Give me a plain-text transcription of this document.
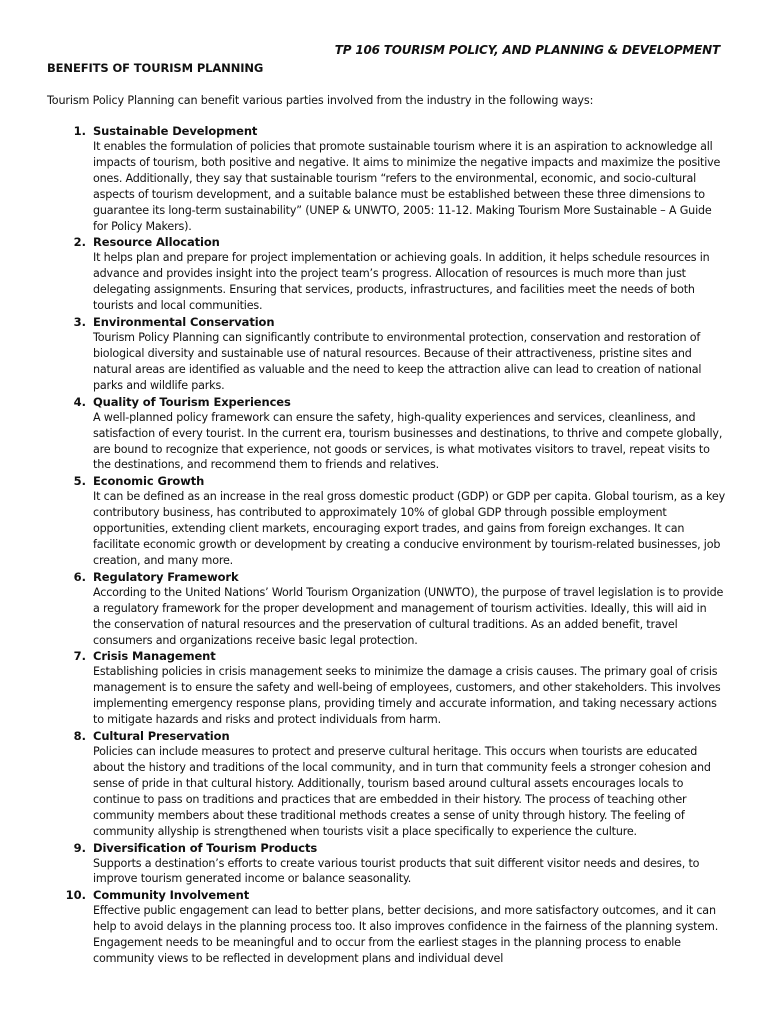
TP 106 TOURISM POLICY, AND PLANNING & DEVELOPMENT
BENEFITS OF TOURISM PLANNING
Tourism Policy Planning can benefit various parties involved from the industry in the following ways:
1. Sustainable Development
It enables the formulation of policies that promote sustainable tourism where it is an aspiration to acknowledge all impacts of tourism, both positive and negative. It aims to minimize the negative impacts and maximize the positive ones. Additionally, they say that sustainable tourism “refers to the environmental, economic, and socio-cultural aspects of tourism development, and a suitable balance must be established between these three dimensions to guarantee its long-term sustainability” (UNEP & UNWTO, 2005: 11-12. Making Tourism More Sustainable – A Guide for Policy Makers).
2. Resource Allocation
It helps plan and prepare for project implementation or achieving goals. In addition, it helps schedule resources in advance and provides insight into the project team’s progress. Allocation of resources is much more than just delegating assignments. Ensuring that services, products, infrastructures, and facilities meet the needs of both tourists and local communities.
3. Environmental Conservation
Tourism Policy Planning can significantly contribute to environmental protection, conservation and restoration of biological diversity and sustainable use of natural resources. Because of their attractiveness, pristine sites and natural areas are identified as valuable and the need to keep the attraction alive can lead to creation of national parks and wildlife parks.
4. Quality of Tourism Experiences
A well-planned policy framework can ensure the safety, high-quality experiences and services, cleanliness, and satisfaction of every tourist. In the current era, tourism businesses and destinations, to thrive and compete globally, are bound to recognize that experience, not goods or services, is what motivates visitors to travel, repeat visits to the destinations, and recommend them to friends and relatives.
5. Economic Growth
It can be defined as an increase in the real gross domestic product (GDP) or GDP per capita. Global tourism, as a key contributory business, has contributed to approximately 10% of global GDP through possible employment opportunities, extending client markets, encouraging export trades, and gains from foreign exchanges. It can facilitate economic growth or development by creating a conducive environment by tourism-related businesses, job creation, and many more.
6. Regulatory Framework
According to the United Nations’ World Tourism Organization (UNWTO), the purpose of travel legislation is to provide a regulatory framework for the proper development and management of tourism activities. Ideally, this will aid in the conservation of natural resources and the preservation of cultural traditions. As an added benefit, travel consumers and organizations receive basic legal protection.
7. Crisis Management
Establishing policies in crisis management seeks to minimize the damage a crisis causes. The primary goal of crisis management is to ensure the safety and well-being of employees, customers, and other stakeholders. This involves implementing emergency response plans, providing timely and accurate information, and taking necessary actions to mitigate hazards and risks and protect individuals from harm.
8. Cultural Preservation
Policies can include measures to protect and preserve cultural heritage. This occurs when tourists are educated about the history and traditions of the local community, and in turn that community feels a stronger cohesion and sense of pride in that cultural history. Additionally, tourism based around cultural assets encourages locals to continue to pass on traditions and practices that are embedded in their history. The process of teaching other community members about these traditional methods creates a sense of unity through history. The feeling of community allyship is strengthened when tourists visit a place specifically to experience the culture.
9. Diversification of Tourism Products
Supports a destination’s efforts to create various tourist products that suit different visitor needs and desires, to improve tourism generated income or balance seasonality.
10. Community Involvement
Effective public engagement can lead to better plans, better decisions, and more satisfactory outcomes, and it can help to avoid delays in the planning process too. It also improves confidence in the fairness of the planning system. Engagement needs to be meaningful and to occur from the earliest stages in the planning process to enable community views to be reflected in development plans and individual devel
